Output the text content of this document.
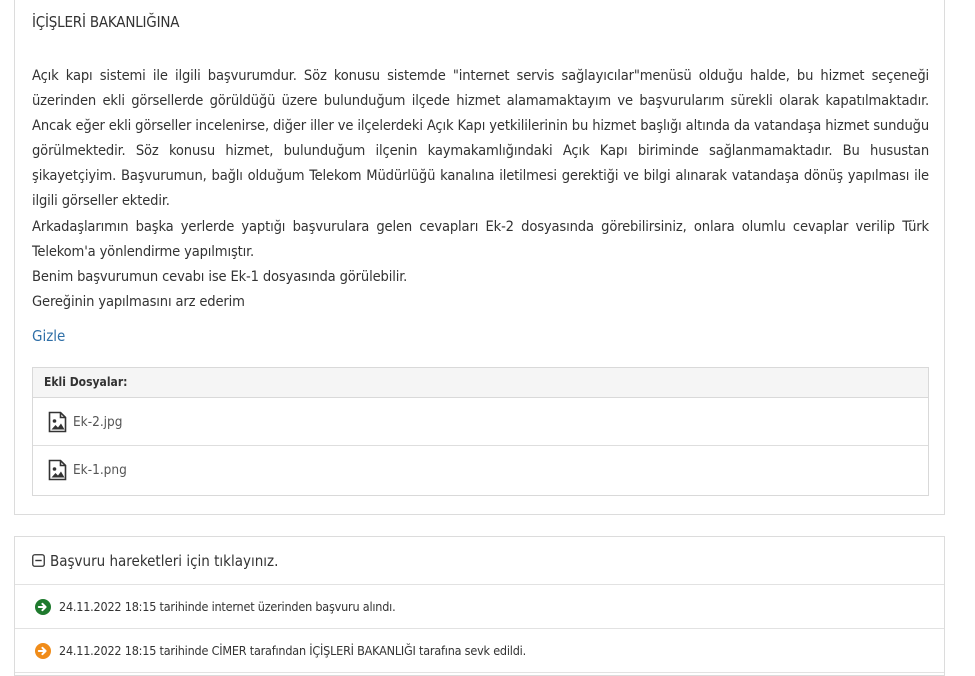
İÇİŞLERİ BAKANLIĞINA

Açık kapı sistemi ile ilgili başvurumdur. Söz konusu sistemde "internet servis sağlayıcılar"menüsü olduğu halde, bu hizmet seçeneği üzerinden ekli görsellerde görüldüğü üzere bulunduğum ilçede hizmet alamamaktayım ve başvurularım sürekli olarak kapatılmaktadır. Ancak eğer ekli görseller incelenirse, diğer iller ve ilçelerdeki Açık Kapı yetkililerinin bu hizmet başlığı altında da vatandaşa hizmet sunduğu görülmektedir. Söz konusu hizmet, bulunduğum ilçenin kaymakamlığındaki Açık Kapı biriminde sağlanmamaktadır. Bu husustan şikayetçiyim. Başvurumun, bağlı olduğum Telekom Müdürlüğü kanalına iletilmesi gerektiği ve bilgi alınarak vatandaşa dönüş yapılması ile ilgili görseller ektedir.

Arkadaşlarımın başka yerlerde yaptığı başvurulara gelen cevapları Ek-2 dosyasında görebilirsiniz, onlara olumlu cevaplar verilip Türk Telekom'a yönlendirme yapılmıştır.

Benim başvurumun cevabı ise Ek-1 dosyasında görülebilir.

Gereğinin yapılmasını arz ederim

Gizle
Ekli Dosyalar:
Ek-2.jpg
Ek-1.png
Başvuru hareketleri için tıklayınız.
24.11.2022 18:15 tarihinde internet üzerinden başvuru alındı.
24.11.2022 18:15 tarihinde CİMER tarafından İÇİŞLERİ BAKANLIĞI tarafına sevk edildi.
